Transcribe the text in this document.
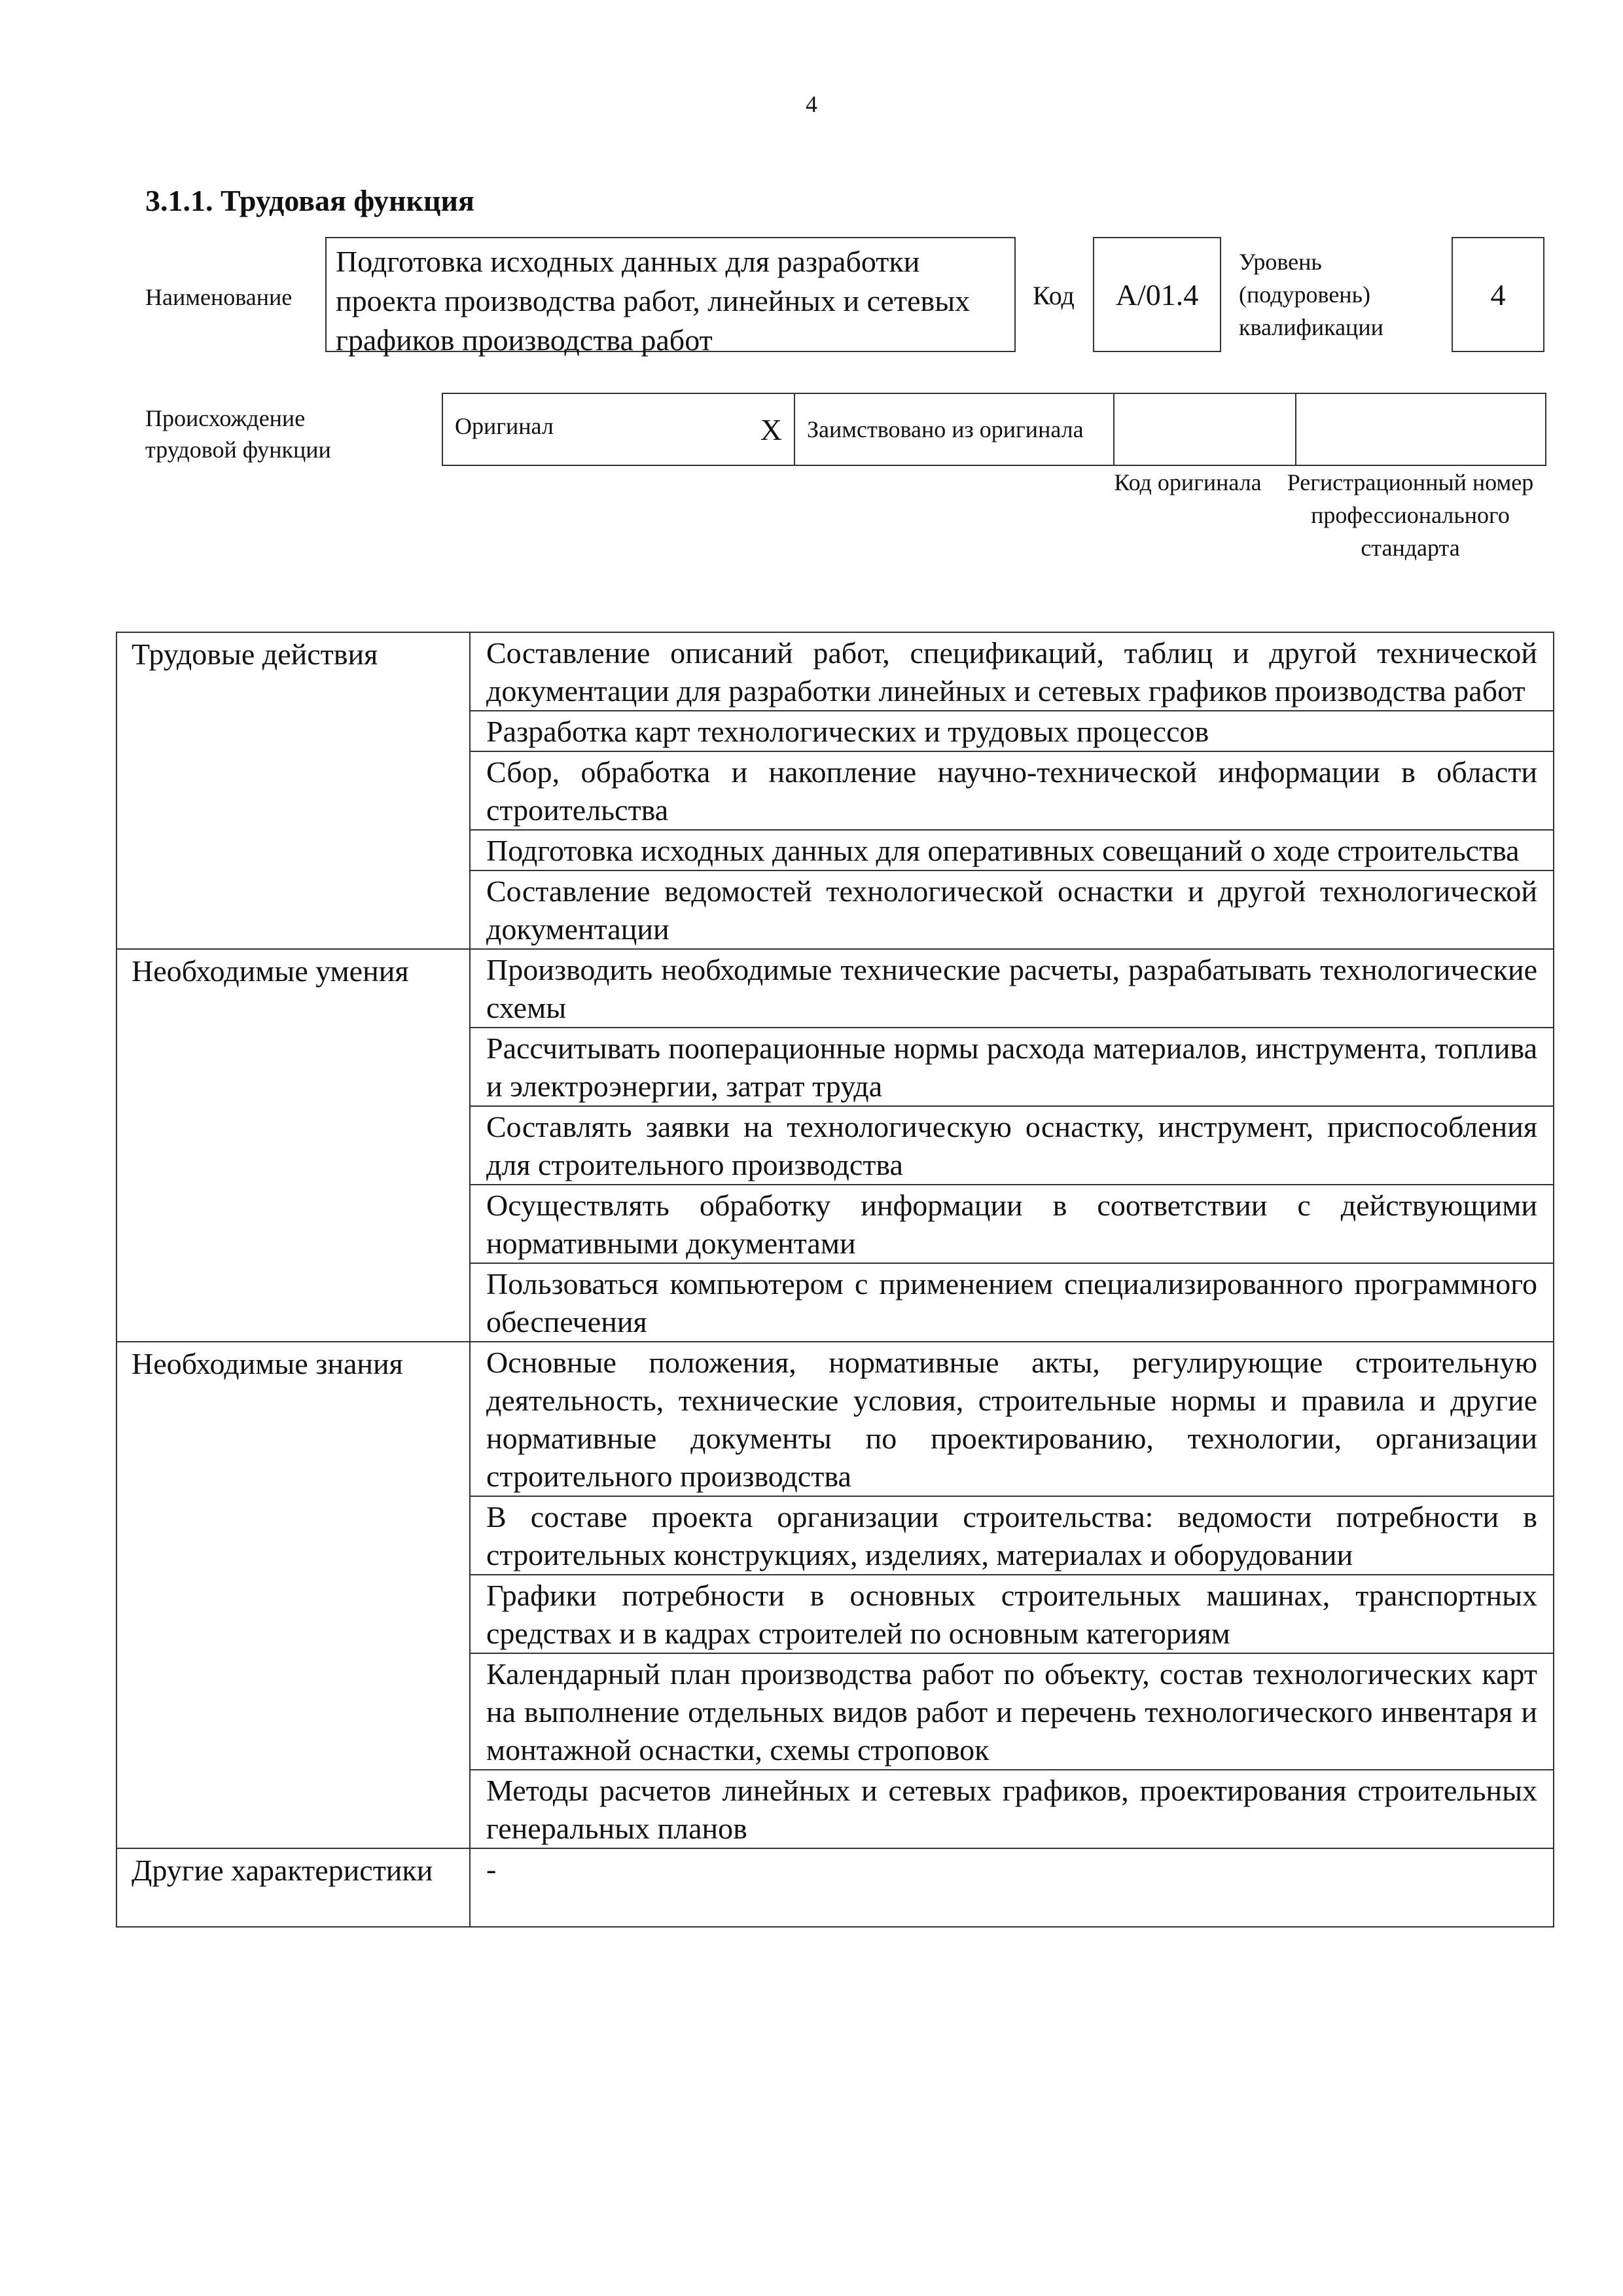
4
3.1.1. Трудовая функция
Наименование
Подготовка исходных данных для разработки проекта производства работ, линейных и сетевых графиков производства работ
Код	А/01.4
Уровень (подуровень) квалификации
4
Происхождение трудовой функции
Оригинал	X	Заимствовано из оригинала		
Код оригинала	Регистрационный номер профессионального стандарта
Трудовые действия	Составление описаний работ, спецификаций, таблиц и другой технической документации для разработки линейных и сетевых графиков производства работ
	Разработка карт технологических и трудовых процессов
	Сбор, обработка и накопление научно-технической информации в области строительства
	Подготовка исходных данных для оперативных совещаний о ходе строительства
	Составление ведомостей технологической оснастки и другой технологической документации
Необходимые умения	Производить необходимые технические расчеты, разрабатывать технологические схемы
	Рассчитывать пооперационные нормы расхода материалов, инструмента, топлива и электроэнергии, затрат труда
	Составлять заявки на технологическую оснастку, инструмент, приспособления для строительного производства
	Осуществлять обработку информации в соответствии с действующими нормативными документами
	Пользоваться компьютером с применением специализированного программного обеспечения
Необходимые знания	Основные положения, нормативные акты, регулирующие строительную деятельность, технические условия, строительные нормы и правила и другие нормативные документы по проектированию, технологии, организации строительного производства
	В составе проекта организации строительства: ведомости потребности в строительных конструкциях, изделиях, материалах и оборудовании
	Графики потребности в основных строительных машинах, транспортных средствах и в кадрах строителей по основным категориям
	Календарный план производства работ по объекту, состав технологических карт на выполнение отдельных видов работ и перечень технологического инвентаря и монтажной оснастки, схемы строповок
	Методы расчетов линейных и сетевых графиков, проектирования строительных генеральных планов
Другие характеристики	-
